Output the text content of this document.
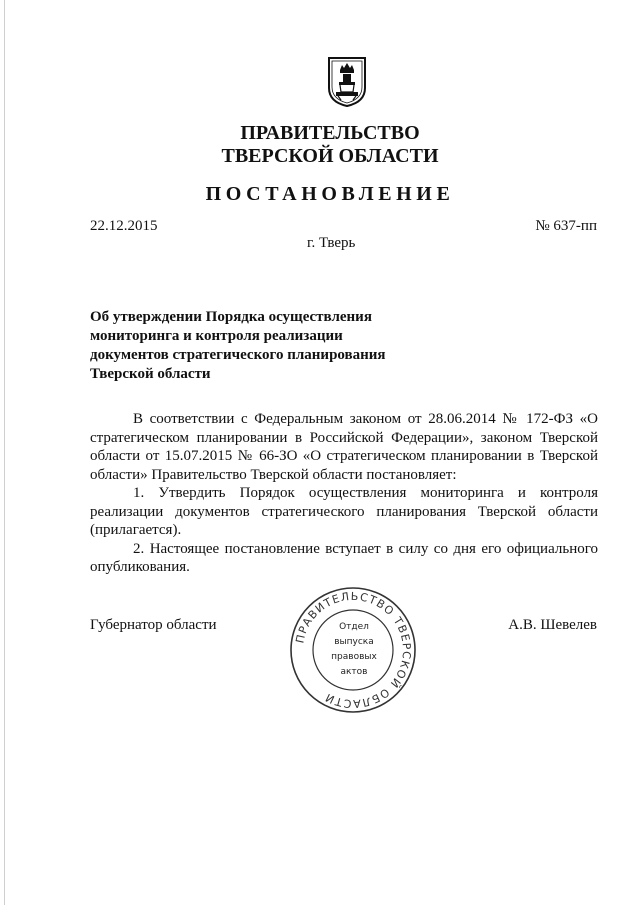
ПРАВИТЕЛЬСТВО
ТВЕРСКОЙ ОБЛАСТИ
ПОСТАНОВЛЕНИЕ
22.12.2015	№ 637-пп
г. Тверь
Об утверждении Порядка осуществления
мониторинга и контроля реализации
документов стратегического планирования
Тверской области

В соответствии с Федеральным законом от 28.06.2014 № 172-ФЗ «О стратегическом планировании в Российской Федерации», законом Тверской области от 15.07.2015 № 66-ЗО «О стратегическом планировании в Тверской области» Правительство Тверской области постановляет:

1. Утвердить Порядок осуществления мониторинга и контроля реализации документов стратегического планирования Тверской области (прилагается).

2. Настоящее постановление вступает в силу со дня его официального опубликования.

Губернатор области	А.В. Шевелев
ПРАВИТЕЛЬСТВО ТВЕРСКОЙ ОБЛАСТИ
Отдел
выпуска
правовых
актов
